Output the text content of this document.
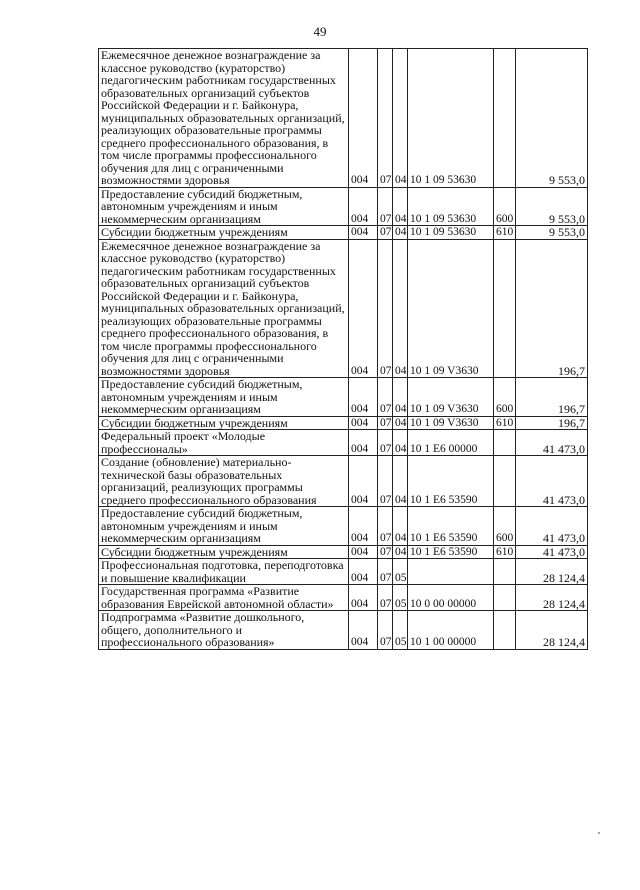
49
Ежемесячное денежное вознаграждение за классное руководство (кураторство) педагогическим работникам государственных образовательных организаций субъектов Российской Федерации и г. Байконура, муниципальных образовательных организаций, реализующих образовательные программы среднего профессионального образования, в том числе программы профессионального обучения для лиц с ограниченными возможностями здоровья	004	07	04	10 1 09 53630		9 553,0
Предоставление субсидий бюджетным, автономным учреждениям и иным некоммерческим организациям	004	07	04	10 1 09 53630	600	9 553,0
Субсидии бюджетным учреждениям	004	07	04	10 1 09 53630	610	9 553,0
Ежемесячное денежное вознаграждение за классное руководство (кураторство) педагогическим работникам государственных образовательных организаций субъектов Российской Федерации и г. Байконура, муниципальных образовательных организаций, реализующих образовательные программы среднего профессионального образования, в том числе программы профессионального обучения для лиц с ограниченными возможностями здоровья	004	07	04	10 1 09 V3630		196,7
Предоставление субсидий бюджетным, автономным учреждениям и иным некоммерческим организациям	004	07	04	10 1 09 V3630	600	196,7
Субсидии бюджетным учреждениям	004	07	04	10 1 09 V3630	610	196,7
Федеральный проект «Молодые профессионалы»	004	07	04	10 1 E6 00000		41 473,0
Создание (обновление) материально-технической базы образовательных организаций, реализующих программы среднего профессионального образования	004	07	04	10 1 E6 53590		41 473,0
Предоставление субсидий бюджетным, автономным учреждениям и иным некоммерческим организациям	004	07	04	10 1 E6 53590	600	41 473,0
Субсидии бюджетным учреждениям	004	07	04	10 1 E6 53590	610	41 473,0
Профессиональная подготовка, переподготовка и повышение квалификации	004	07	05			28 124,4
Государственная программа «Развитие образования Еврейской автономной области»	004	07	05	10 0 00 00000		28 124,4
Подпрограмма «Развитие дошкольного, общего, дополнительного и профессионального образования»	004	07	05	10 1 00 00000		28 124,4
